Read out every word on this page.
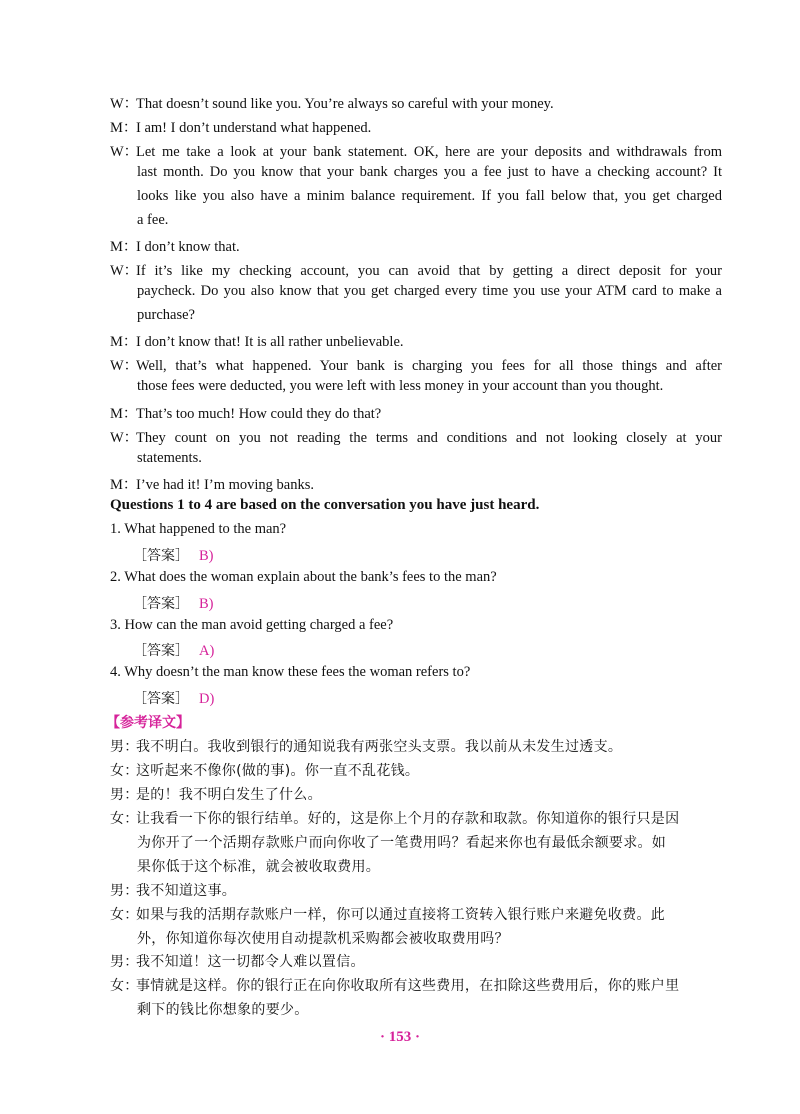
W：That doesn’t sound like you. You’re always so careful with your money.
M：I am! I don’t understand what happened.
W：Let me take a look at your bank statement. OK, here are your deposits and withdrawals from
last month. Do you know that your bank charges you a fee just to have a checking account? It
looks like you also have a minim balance requirement. If you fall below that, you get charged
a fee.
M：I don’t know that.
W：If it’s like my checking account, you can avoid that by getting a direct deposit for your
paycheck. Do you also know that you get charged every time you use your ATM card to make a
purchase?
M：I don’t know that! It is all rather unbelievable.
W：Well, that’s what happened. Your bank is charging you fees for all those things and after
those fees were deducted, you were left with less money in your account than you thought.
M：That’s too much! How could they do that?
W：They count on you not reading the terms and conditions and not looking closely at your
statements.
M：I’ve had it! I’m moving banks.
Questions 1 to 4 are based on the conversation you have just heard.
1. What happened to the man?
［答案］ B)
2. What does the woman explain about the bank’s fees to the man?
［答案］ B)
3. How can the man avoid getting charged a fee?
［答案］ A)
4. Why doesn’t the man know these fees the woman refers to?
［答案］ D)
【参考译文】
男：我不明白。我收到银行的通知说我有两张空头支票。我以前从未发生过透支。
女：这听起来不像你(做的事)。你一直不乱花钱。
男：是的！我不明白发生了什么。
女：让我看一下你的银行结单。好的，这是你上个月的存款和取款。你知道你的银行只是因
为你开了一个活期存款账户而向你收了一笔费用吗？看起来你也有最低余额要求。如
果你低于这个标准，就会被收取费用。
男：我不知道这事。
女：如果与我的活期存款账户一样，你可以通过直接将工资转入银行账户来避免收费。此
外，你知道你每次使用自动提款机采购都会被收取费用吗？
男：我不知道！这一切都令人难以置信。
女：事情就是这样。你的银行正在向你收取所有这些费用，在扣除这些费用后，你的账户里
剩下的钱比你想象的要少。
· 153 ·
